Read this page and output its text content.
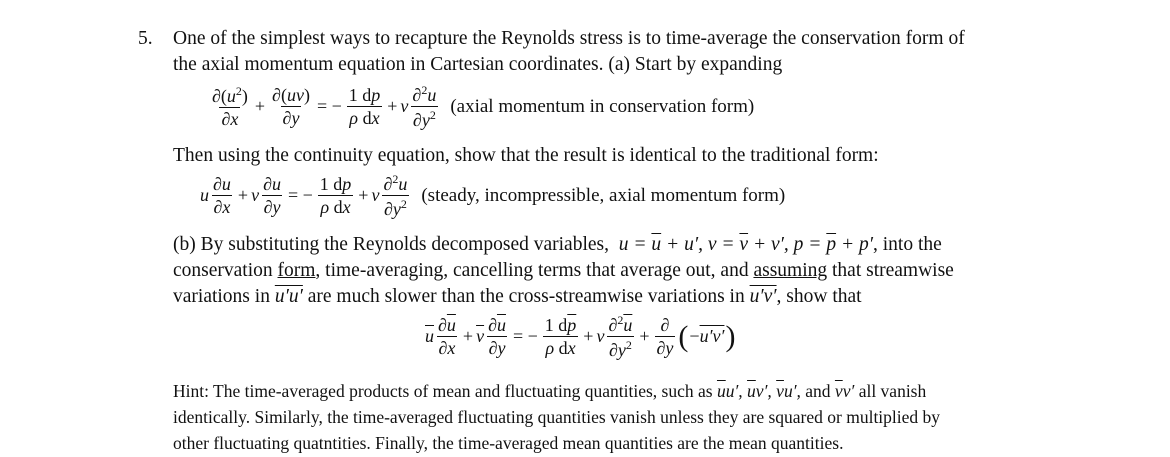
5. One of the simplest ways to recapture the Reynolds stress is to time-average the conservation form of
the axial momentum equation in Cartesian coordinates. (a) Start by expanding
$\frac{\partial(u^2)}{\partial x} + \frac{\partial(uv)}{\partial y}$ = − $\frac{1 dp}{\text{ρ dx}} + v \frac{\partial^2u}{\partial y^2}$ (axial momentum in conservation form)
Then using the continuity equation, show that the result is identical to the traditional form:
u $\frac{\partial u}{\partial x} + v \frac{\partial u}{\partial y}$ = − $\frac{1 dp}{\text{ρ dx}} + v \frac{\partial^2u}{\partial y^2}$ (steady, incompressible, axial momentum form)
(b) By substituting the Reynolds decomposed variables,  $u = \overline{u} + u'$, $v = \overline{v} + v'$, $p = \overline{p} + p'$, into the
conservation form, time-averaging, cancelling terms that average out, and assuming that streamwise
variations in u′u′ are much slower than the cross-streamwise variations in u′v′, show that
$\overline{u} \frac{\partial\overline{u}}{\partial x} + \overline{v} \frac{\partial\overline{u}}{\partial y}$ = − $\frac{1 d\overline{p}}{\text{ρ dx}} + v \frac{\partial^2\overline{u}}{\partial y^2} + \frac{\partial}{\partial y}$ ( −u′v′ )
Hint: The time-averaged products of mean and fluctuating quantities, such as $\overline{u}u'$, $\overline{u}v'$, $\overline{v}u'$, and $\overline{v}v'$ all vanish
identically. Similarly, the time-averaged fluctuating quantities vanish unless they are squared or multiplied by
other fluctuating quatntities. Finally, the time-averaged mean quantities are the mean quantities.
